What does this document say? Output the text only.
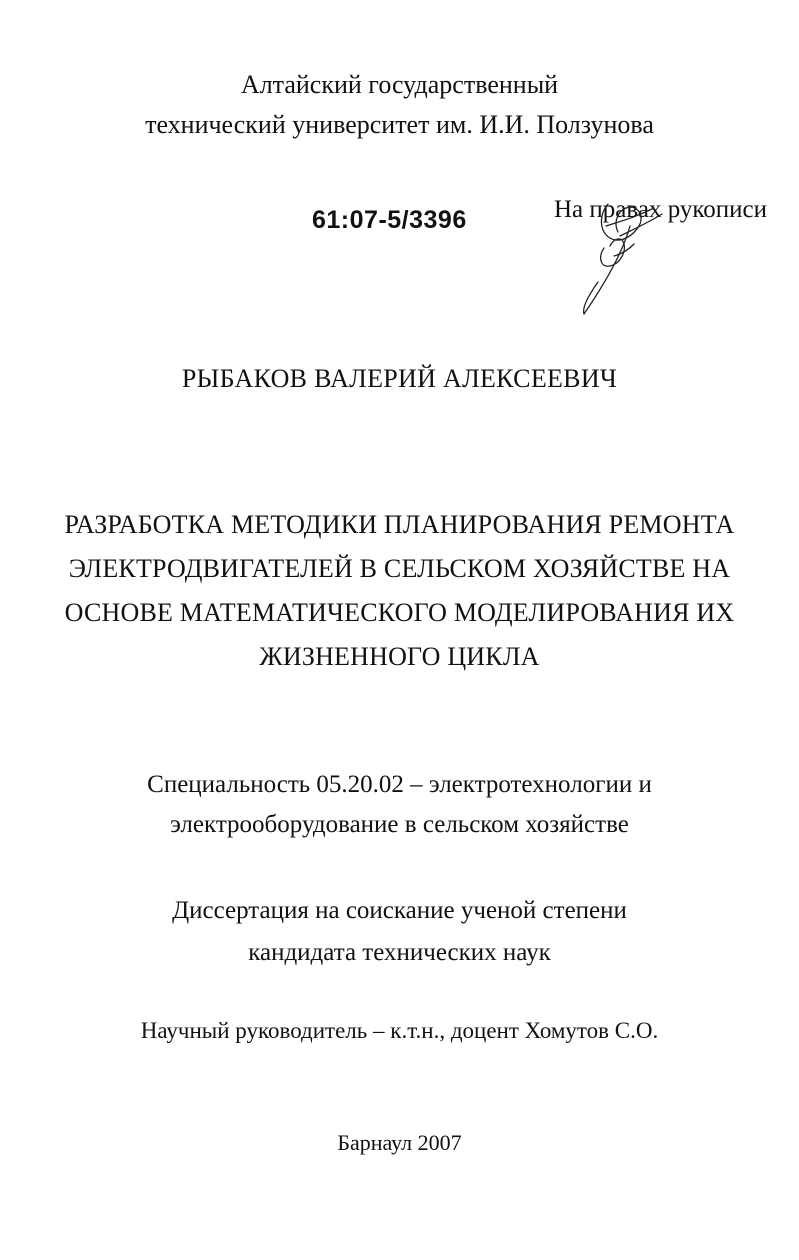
Алтайский государственный
технический университет им. И.И. Ползунова
61:07-5/3396	На правах рукописи
РЫБАКОВ ВАЛЕРИЙ АЛЕКСЕЕВИЧ
РАЗРАБОТКА МЕТОДИКИ ПЛАНИРОВАНИЯ РЕМОНТА
ЭЛЕКТРОДВИГАТЕЛЕЙ В СЕЛЬСКОМ ХОЗЯЙСТВЕ НА
ОСНОВЕ МАТЕМАТИЧЕСКОГО МОДЕЛИРОВАНИЯ ИХ
ЖИЗНЕННОГО ЦИКЛА
Специальность 05.20.02 – электротехнологии и
электрооборудование в сельском хозяйстве
Диссертация на соискание ученой степени
кандидата технических наук
Научный руководитель – к.т.н., доцент Хомутов С.О.
Барнаул 2007
